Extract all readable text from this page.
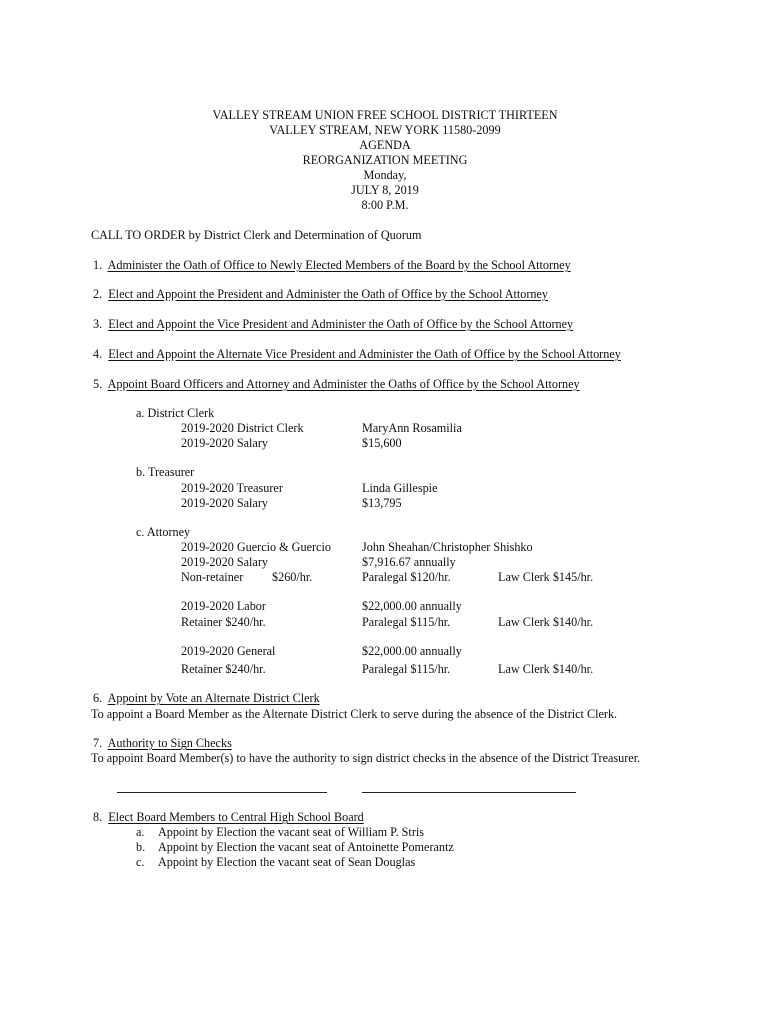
VALLEY STREAM UNION FREE SCHOOL DISTRICT THIRTEEN
VALLEY STREAM, NEW YORK 11580-2099
AGENDA
REORGANIZATION MEETING
Monday,
JULY 8, 2019
8:00 P.M.
CALL TO ORDER by District Clerk and Determination of Quorum
1. Administer the Oath of Office to Newly Elected Members of the Board by the School Attorney
2. Elect and Appoint the President and Administer the Oath of Office by the School Attorney
3. Elect and Appoint the Vice President and Administer the Oath of Office by the School Attorney
4. Elect and Appoint the Alternate Vice President and Administer the Oath of Office by the School Attorney
5. Appoint Board Officers and Attorney and Administer the Oaths of Office by the School Attorney
a. District Clerk
2019-2020 District Clerk	MaryAnn Rosamilia
2019-2020 Salary	$15,600
b. Treasurer
2019-2020 Treasurer	Linda Gillespie
2019-2020 Salary	$13,795
c. Attorney
2019-2020 Guercio & Guercio	John Sheahan/Christopher Shishko
2019-2020 Salary	$7,916.67 annually
Non-retainer $260/hr.	Paralegal $120/hr.	Law Clerk $145/hr.
2019-2020 Labor	$22,000.00 annually
Retainer $240/hr.	Paralegal $115/hr.	Law Clerk $140/hr.
2019-2020 General	$22,000.00 annually
Retainer $240/hr.	Paralegal $115/hr.	Law Clerk $140/hr.
6. Appoint by Vote an Alternate District Clerk
To appoint a Board Member as the Alternate District Clerk to serve during the absence of the District Clerk.
7. Authority to Sign Checks
To appoint Board Member(s) to have the authority to sign district checks in the absence of the District Treasurer.
8. Elect Board Members to Central High School Board
a. Appoint by Election the vacant seat of William P. Stris
b. Appoint by Election the vacant seat of Antoinette Pomerantz
c. Appoint by Election the vacant seat of Sean Douglas
